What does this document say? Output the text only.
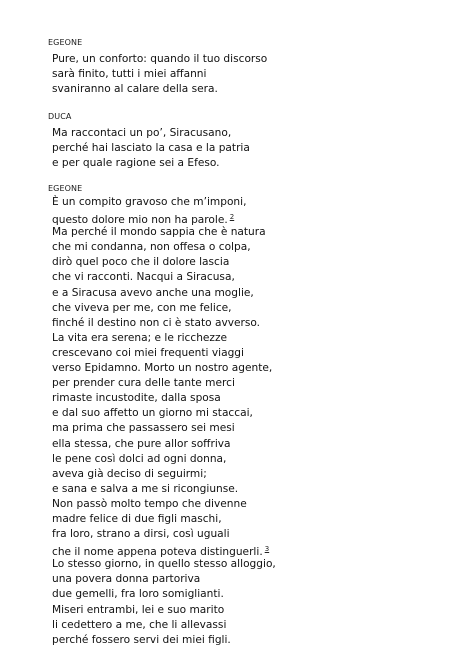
EGEONE
Pure, un conforto: quando il tuo discorso
sarà finito, tutti i miei affanni
svaniranno al calare della sera.
DUCA
Ma raccontaci un po’, Siracusano,
perché hai lasciato la casa e la patria
e per quale ragione sei a Efeso.
EGEONE
È un compito gravoso che m’imponi,
questo dolore mio non ha parole. $^2$
Ma perché il mondo sappia che è natura
che mi condanna, non offesa o colpa,
dirò quel poco che il dolore lascia
che vi racconti. Nacqui a Siracusa,
e a Siracusa avevo anche una moglie,
che viveva per me, con me felice,
finché il destino non ci è stato avverso.
La vita era serena; e le ricchezze
crescevano coi miei frequenti viaggi
verso Epidamno. Morto un nostro agente,
per prender cura delle tante merci
rimaste incustodite, dalla sposa
e dal suo affetto un giorno mi staccai,
ma prima che passassero sei mesi
ella stessa, che pure allor soffriva
le pene così dolci ad ogni donna,
aveva già deciso di seguirmi;
e sana e salva a me si ricongiunse.
Non passò molto tempo che divenne
madre felice di due figli maschi,
fra loro, strano a dirsi, così uguali
che il nome appena poteva distinguerli. $^3$
Lo stesso giorno, in quello stesso alloggio,
una povera donna partoriva
due gemelli, fra loro somiglianti.
Miseri entrambi, lei e suo marito
li cedettero a me, che li allevassi
perché fossero servi dei miei figli.
